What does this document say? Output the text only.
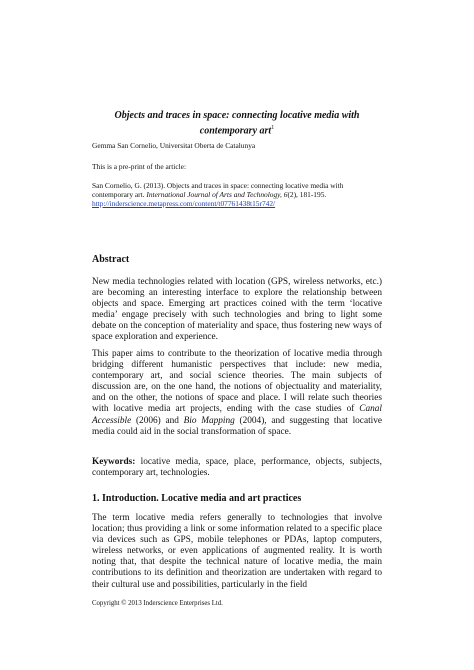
Objects and traces in space: connecting locative media with contemporary art$^1$
Gemma San Cornelio, Universitat Oberta de Catalunya
This is a pre-print of the article:
San Cornelio, G. (2013). Objects and traces in space: connecting locative media with contemporary art. International Journal of Arts and Technology, 6(2), 181-195.
http://inderscience.metapress.com/content/t07761438t15r742/
Abstract

New media technologies related with location (GPS, wireless networks, etc.) are becoming an interesting interface to explore the relationship between objects and space. Emerging art practices coined with the term ‘locative media’ engage precisely with such technologies and bring to light some debate on the conception of materiality and space, thus fostering new ways of space exploration and experience.

This paper aims to contribute to the theorization of locative media through bridging different humanistic perspectives that include: new media, contemporary art, and social science theories. The main subjects of discussion are, on the one hand, the notions of objectuality and materiality, and on the other, the notions of space and place. I will relate such theories with locative media art projects, ending with the case studies of Canal Accessible (2006) and Bio Mapping (2004), and suggesting that locative media could aid in the social transformation of space.

Keywords: locative media, space, place, performance, objects, subjects, contemporary art, technologies.

1. Introduction. Locative media and art practices

The term locative media refers generally to technologies that involve location; thus providing a link or some information related to a specific place via devices such as GPS, mobile telephones or PDAs, laptop computers, wireless networks, or even applications of augmented reality. It is worth noting that, that despite the technical nature of locative media, the main contributions to its definition and theorization are undertaken with regard to their cultural use and possibilities, particularly in the field

Copyright © 2013 Inderscience Enterprises Ltd.
